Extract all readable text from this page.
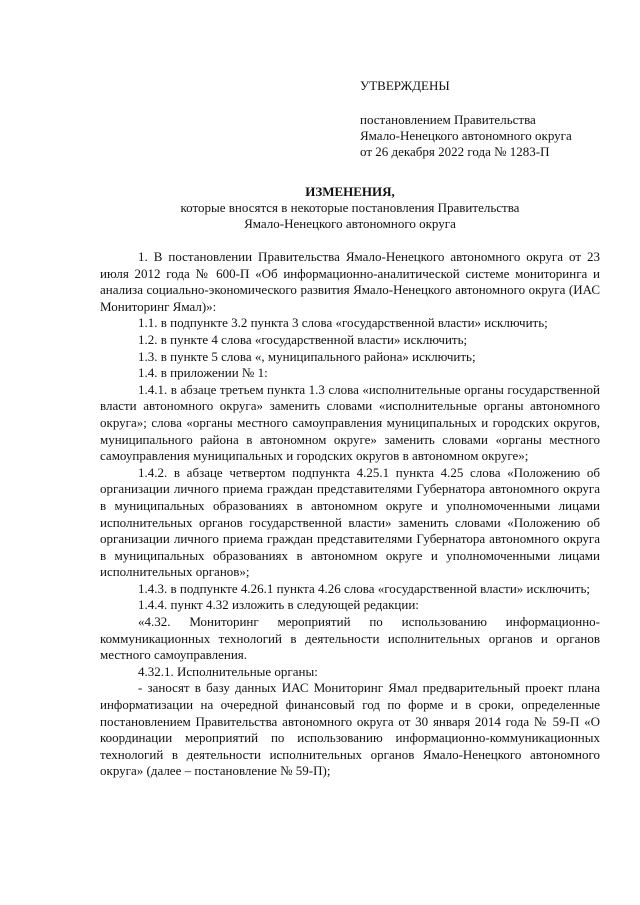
УТВЕРЖДЕНЫ
постановлением Правительства
Ямало-Ненецкого автономного округа
от 26 декабря 2022 года № 1283-П
ИЗМЕНЕНИЯ,
которые вносятся в некоторые постановления Правительства
Ямало-Ненецкого автономного округа

1. В постановлении Правительства Ямало-Ненецкого автономного округа от 23 июля 2012 года № 600-П «Об информационно-аналитической системе мониторинга и анализа социально-экономического развития Ямало-Ненецкого автономного округа (ИАС Мониторинг Ямал)»:

1.1. в подпункте 3.2 пункта 3 слова «государственной власти» исключить;

1.2. в пункте 4 слова «государственной власти» исключить;

1.3. в пункте 5 слова «, муниципального района» исключить;

1.4. в приложении № 1:

1.4.1. в абзаце третьем пункта 1.3 слова «исполнительные органы государственной власти автономного округа» заменить словами «исполнительные органы автономного округа»; слова «органы местного самоуправления муниципальных и городских округов, муниципального района в автономном округе» заменить словами «органы местного самоуправления муниципальных и городских округов в автономном округе»;

1.4.2. в абзаце четвертом подпункта 4.25.1 пункта 4.25 слова «Положению об организации личного приема граждан представителями Губернатора автономного округа в муниципальных образованиях в автономном округе и уполномоченными лицами исполнительных органов государственной власти» заменить словами «Положению об организации личного приема граждан представителями Губернатора автономного округа в муниципальных образованиях в автономном округе и уполномоченными лицами исполнительных органов»;

1.4.3. в подпункте 4.26.1 пункта 4.26 слова «государственной власти» исключить;

1.4.4. пункт 4.32 изложить в следующей редакции:

«4.32. Мониторинг мероприятий по использованию информационно-коммуникационных технологий в деятельности исполнительных органов и органов местного самоуправления.

4.32.1. Исполнительные органы:

- заносят в базу данных ИАС Мониторинг Ямал предварительный проект плана информатизации на очередной финансовый год по форме и в сроки, определенные постановлением Правительства автономного округа от 30 января 2014 года № 59-П «О координации мероприятий по использованию информационно-коммуникационных технологий в деятельности исполнительных органов Ямало-Ненецкого автономного округа» (далее – постановление № 59-П);
